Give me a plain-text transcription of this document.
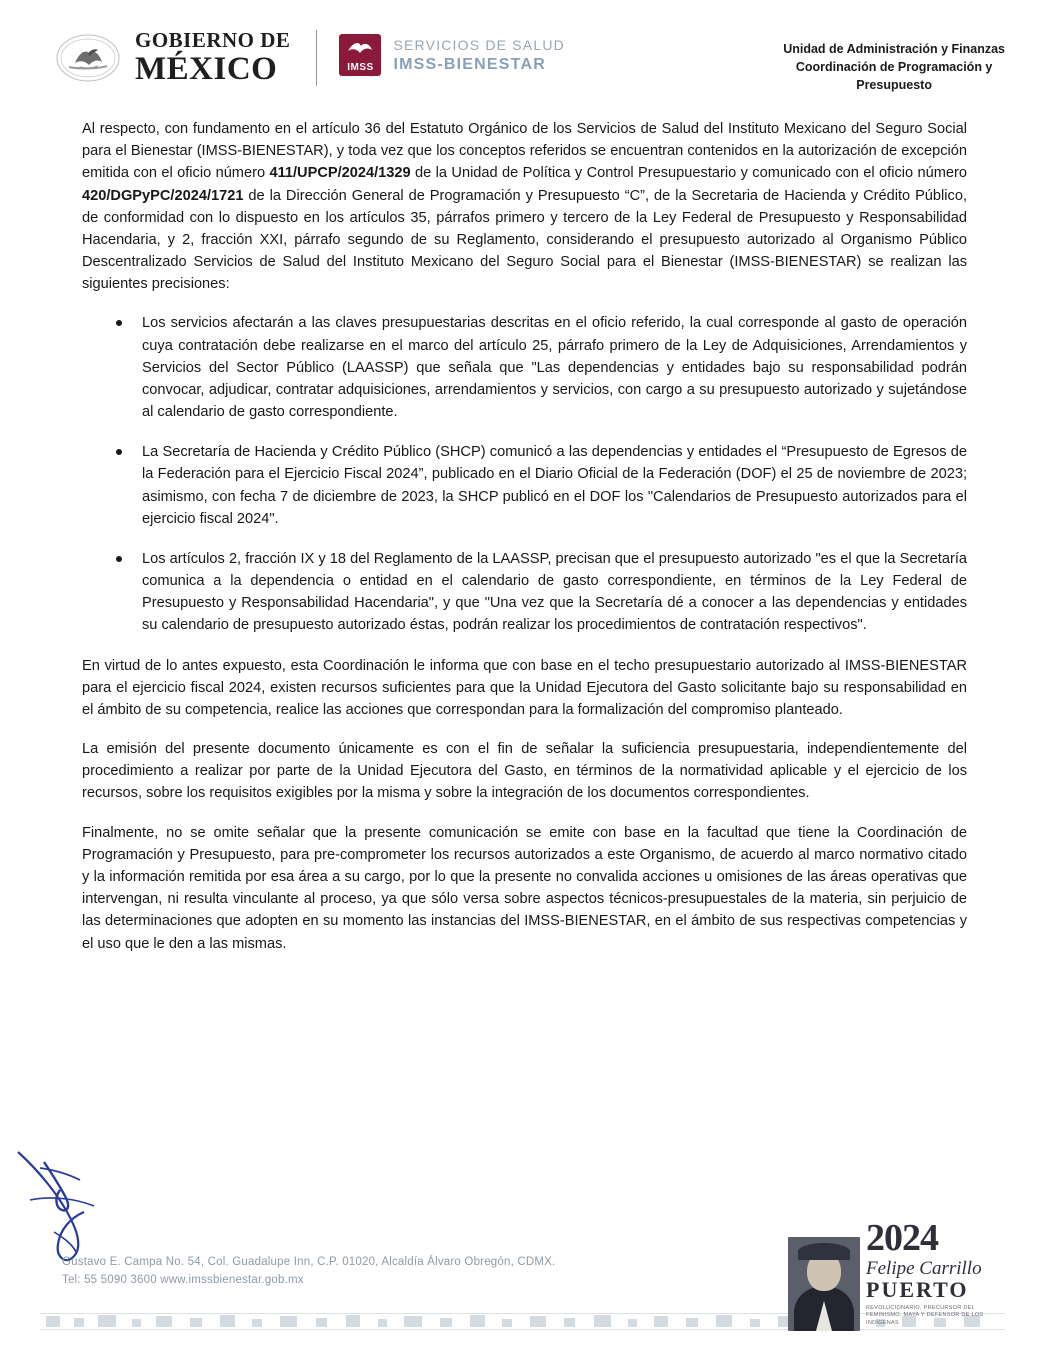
GOBIERNO DE
MÉXICO	IMSS
SERVICIOS DE SALUD
IMSS-BIENESTAR
Unidad de Administración y Finanzas
Coordinación de Programación y
Presupuesto

Al respecto, con fundamento en el artículo 36 del Estatuto Orgánico de los Servicios de Salud del Instituto Mexicano del Seguro Social para el Bienestar (IMSS-BIENESTAR), y toda vez que los conceptos referidos se encuentran contenidos en la autorización de excepción emitida con el oficio número 411/UPCP/2024/1329 de la Unidad de Política y Control Presupuestario y comunicado con el oficio número 420/DGPyPC/2024/1721 de la Dirección General de Programación y Presupuesto “C”, de la Secretaria de Hacienda y Crédito Público, de conformidad con lo dispuesto en los artículos 35, párrafos primero y tercero de la Ley Federal de Presupuesto y Responsabilidad Hacendaria, y 2, fracción XXI, párrafo segundo de su Reglamento, considerando el presupuesto autorizado al Organismo Público Descentralizado Servicios de Salud del Instituto Mexicano del Seguro Social para el Bienestar (IMSS-BIENESTAR) se realizan las siguientes precisiones:

Los servicios afectarán a las claves presupuestarias descritas en el oficio referido, la cual corresponde al gasto de operación cuya contratación debe realizarse en el marco del artículo 25, párrafo primero de la Ley de Adquisiciones, Arrendamientos y Servicios del Sector Público (LAASSP) que señala que "Las dependencias y entidades bajo su responsabilidad podrán convocar, adjudicar, contratar adquisiciones, arrendamientos y servicios, con cargo a su presupuesto autorizado y sujetándose al calendario de gasto correspondiente.
La Secretaría de Hacienda y Crédito Público (SHCP) comunicó a las dependencias y entidades el “Presupuesto de Egresos de la Federación para el Ejercicio Fiscal 2024”, publicado en el Diario Oficial de la Federación (DOF) el 25 de noviembre de 2023; asimismo, con fecha 7 de diciembre de 2023, la SHCP publicó en el DOF los "Calendarios de Presupuesto autorizados para el ejercicio fiscal 2024".
Los artículos 2, fracción IX y 18 del Reglamento de la LAASSP, precisan que el presupuesto autorizado "es el que la Secretaría comunica a la dependencia o entidad en el calendario de gasto correspondiente, en términos de la Ley Federal de Presupuesto y Responsabilidad Hacendaria", y que "Una vez que la Secretaría dé a conocer a las dependencias y entidades su calendario de presupuesto autorizado éstas, podrán realizar los procedimientos de contratación respectivos".

En virtud de lo antes expuesto, esta Coordinación le informa que con base en el techo presupuestario autorizado al IMSS-BIENESTAR para el ejercicio fiscal 2024, existen recursos suficientes para que la Unidad Ejecutora del Gasto solicitante bajo su responsabilidad en el ámbito de su competencia, realice las acciones que correspondan para la formalización del compromiso planteado.

La emisión del presente documento únicamente es con el fin de señalar la suficiencia presupuestaria, independientemente del procedimiento a realizar por parte de la Unidad Ejecutora del Gasto, en términos de la normatividad aplicable y el ejercicio de los recursos, sobre los requisitos exigibles por la misma y sobre la integración de los documentos correspondientes.

Finalmente, no se omite señalar que la presente comunicación se emite con base en la facultad que tiene la Coordinación de Programación y Presupuesto, para pre-comprometer los recursos autorizados a este Organismo, de acuerdo al marco normativo citado y la información remitida por esa área a su cargo, por lo que la presente no convalida acciones u omisiones de las áreas operativas que intervengan, ni resulta vinculante al proceso, ya que sólo versa sobre aspectos técnicos-presupuestales de la materia, sin perjuicio de las determinaciones que adopten en su momento las instancias del IMSS-BIENESTAR, en el ámbito de sus respectivas competencias y el uso que le den a las mismas.

Gustavo E. Campa No. 54, Col. Guadalupe Inn, C.P. 01020, Alcaldía Álvaro Obregón, CDMX.
Tel: 55 5090 3600 www.imssbienestar.gob.mx
2024
Felipe Carrillo
PUERTO
REVOLUCIONARIO, PRECURSOR DEL FEMINISMO, MAYA Y DEFENSOR DE LOS INDÍGENAS
